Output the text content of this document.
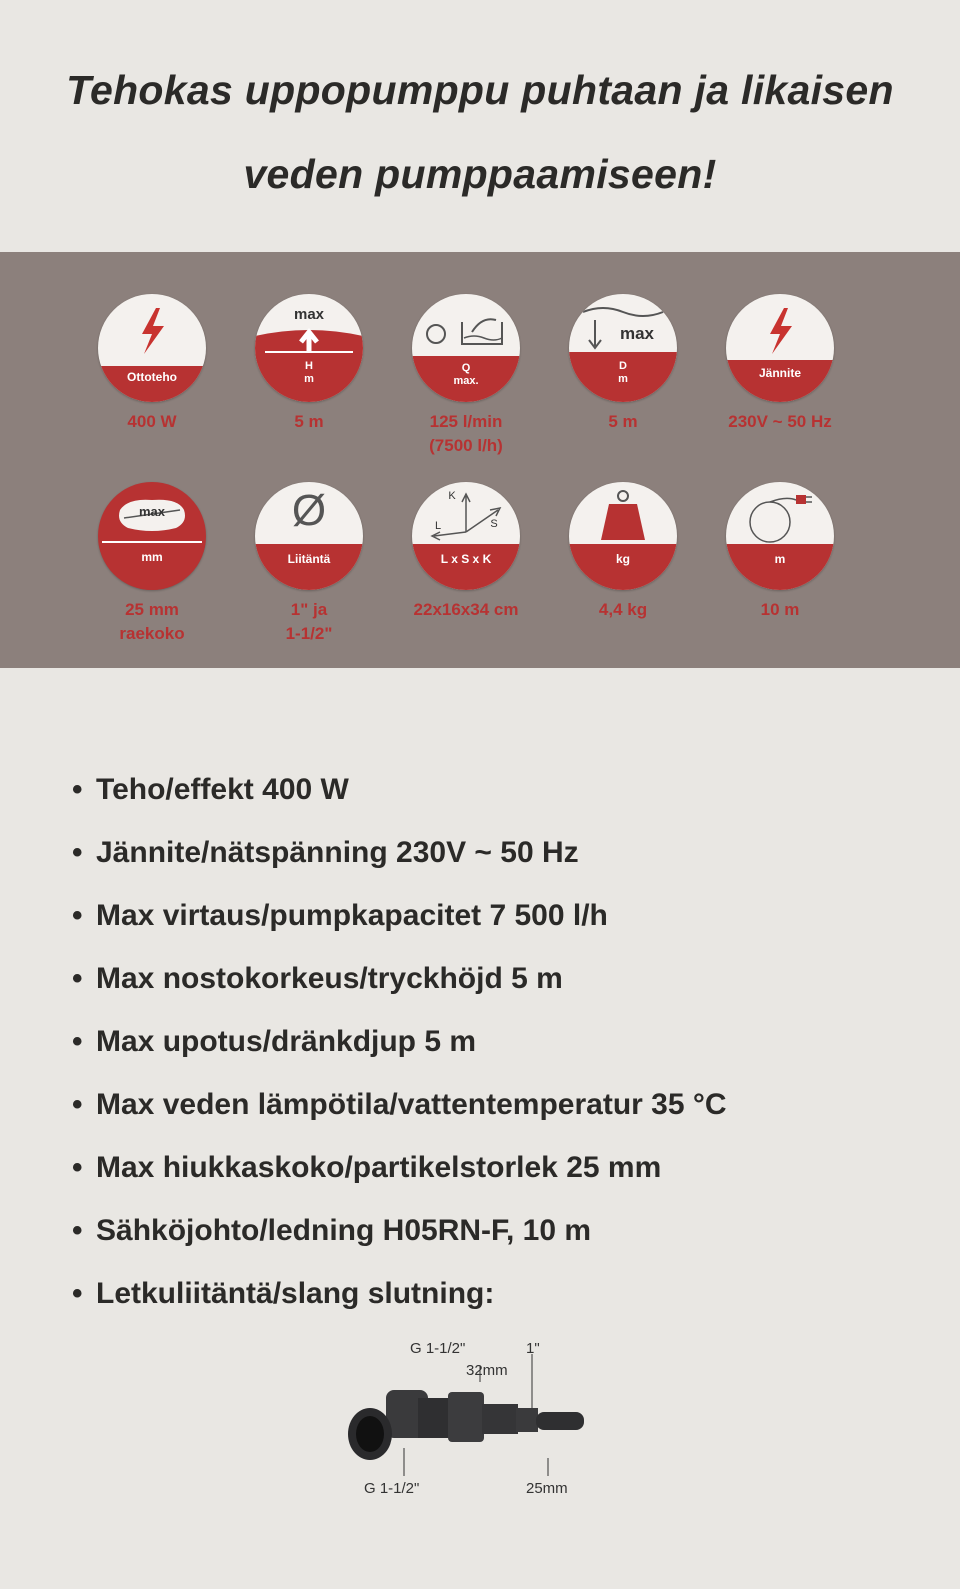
Tehokas uppopumppu puhtaan ja likaisen
veden pumppaamiseen!
Ottoteho
400 W
max
H
m
5 m
Q
max.
125 l/min
(7500 l/h)
max
D
m
5 m
Jännite
230V ~ 50 Hz
max
mm
25 mm
raekoko
Ø
Liitäntä
1" ja
1-1/2"
K
L	S
L x S x K
22x16x34 cm
kg
4,4 kg
m
10 m
• Teho/effekt 400 W
• Jännite/nätspänning 230V ~ 50 Hz
• Max virtaus/pumpkapacitet 7 500 l/h
• Max nostokorkeus/tryckhöjd 5 m
• Max upotus/dränkdjup 5 m
• Max veden lämpötila/vattentemperatur 35 °C
• Max hiukkaskoko/partikelstorlek 25 mm
• Sähköjohto/ledning H05RN-F, 10 m
• Letkuliitäntä/slang slutning:
G 1-1/2"	1"
32mm
G 1-1/2"	25mm
